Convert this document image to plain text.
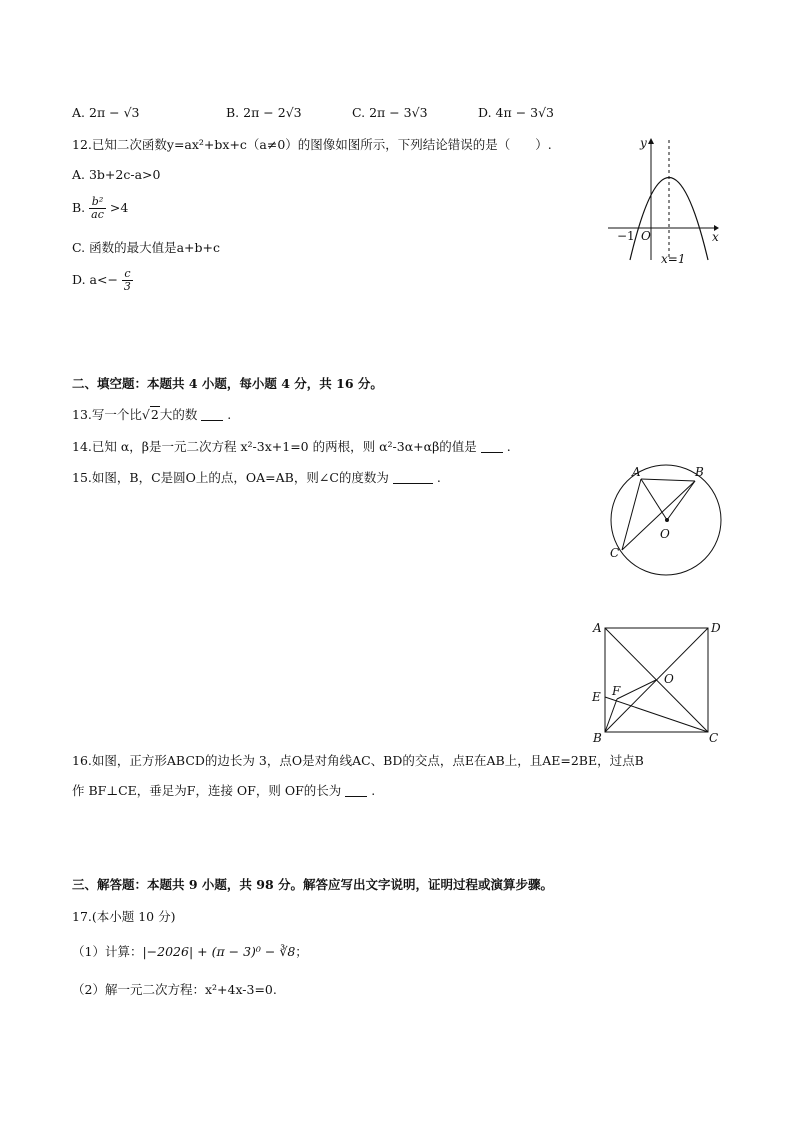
A. 2π − √3	B. 2π − 2√3	C. 2π − 3√3	D. 4π − 3√3
12.已知二次函数y=ax²+bx+c（a≠0）的图像如图所示，下列结论错误的是（　　）.
A. 3b+2c-a>0
B. $\frac{\text{b²}}{ac} >4$
C. 函数的最大值是a+b+c
D. $a<- \frac{c}{3}$
y
x
−1 O
x=1
二、填空题：本题共 4 小题，每小题 4 分，共 16 分。
13.写一个比√2大的数 .
14.已知 α，β是一元二次方程 x²-3x+1=0 的两根，则 α²-3α+αβ的值是 .
15.如图，B，C是圆O上的点，OA=AB，则∠C的度数为	.	A	B
C
O
A	D
E F
O
B	C
16.如图，正方形ABCD的边长为 3，点O是对角线AC、BD的交点，点E在AB上，且AE=2BE，过点B
作 BF⊥CE，垂足为F，连接 OF，则 OF的长为 .
三、解答题：本题共 9 小题，共 98 分。解答应写出文字说明，证明过程或演算步骤。
17.(本小题 10 分)
（1）计算：|−2026| + (π − 3)⁰ − ∛8；
（2）解一元二次方程：x²+4x-3=0.
